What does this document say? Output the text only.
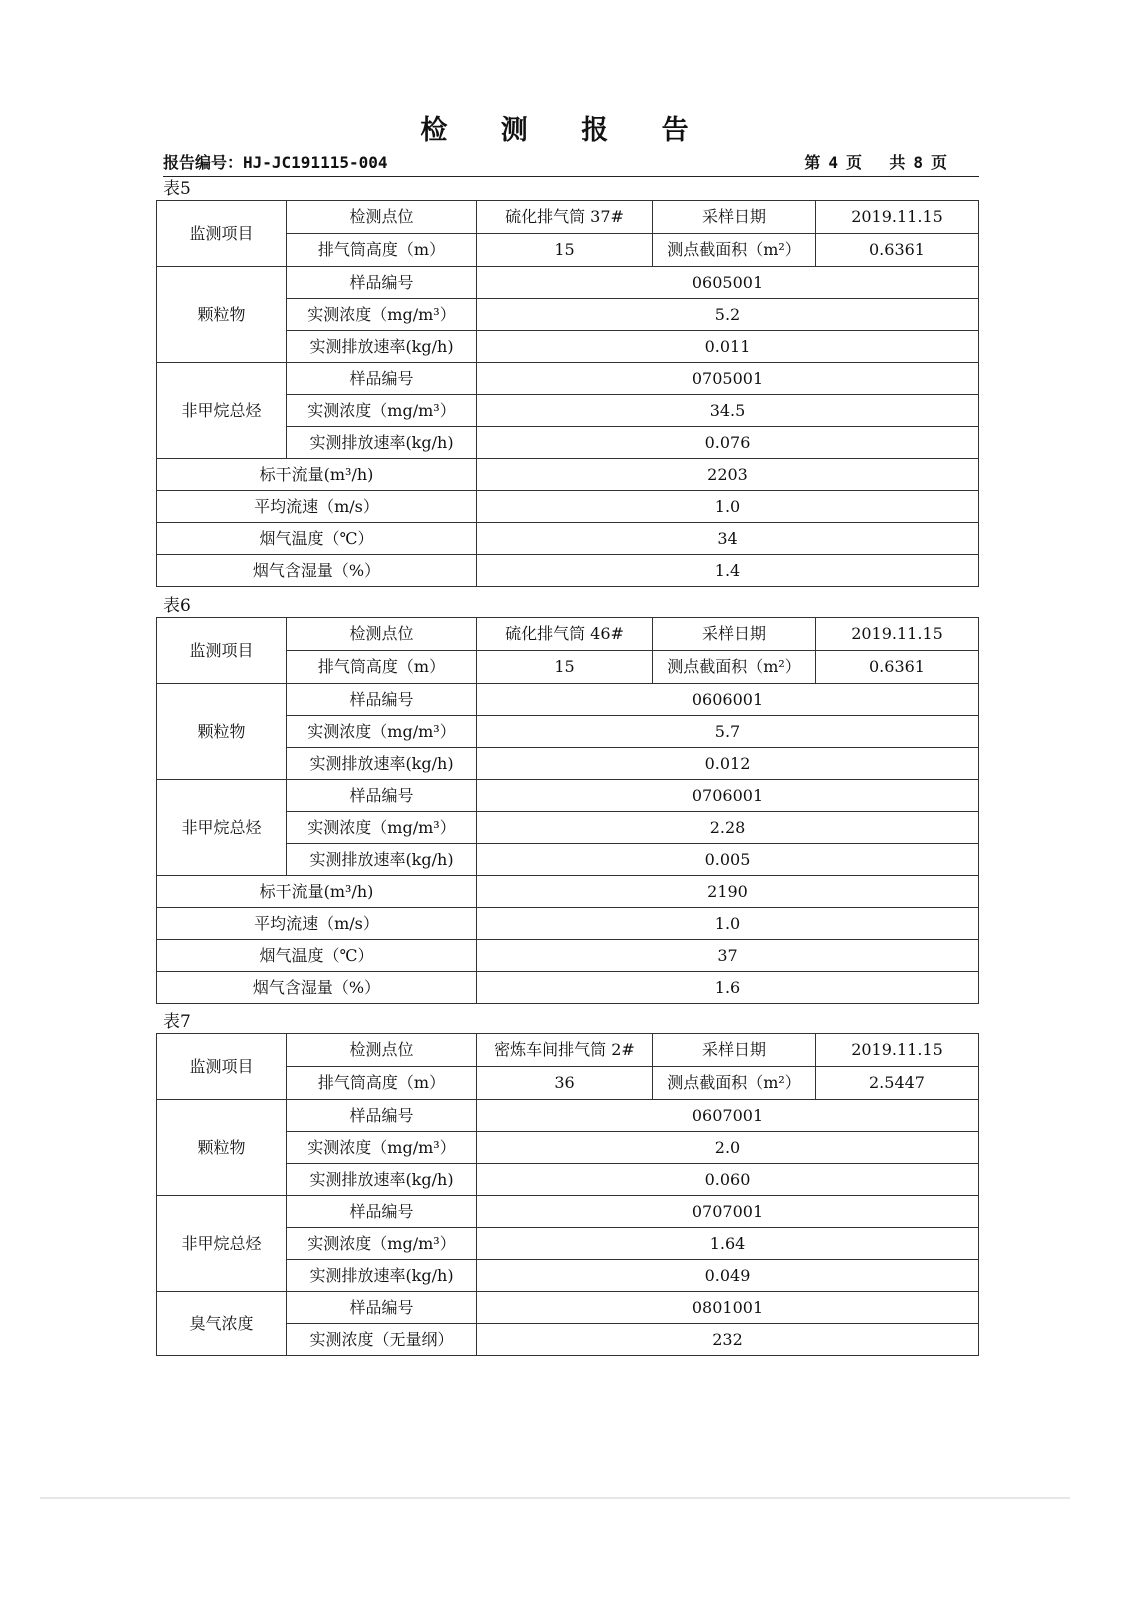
检 测 报 告
报告编号：HJ-JC191115-004	第 4 页 共 8 页
表5
监测项目	检测点位	硫化排气筒 37#	采样日期	2019.11.15
	排气筒高度（m）	15	测点截面积（m²）	0.6361
颗粒物	样品编号	0605001		
	实测浓度（mg/m³）	5.2		
	实测排放速率(kg/h)	0.011		
非甲烷总烃	样品编号	0705001		
	实测浓度（mg/m³）	34.5		
	实测排放速率(kg/h)	0.076		
标干流量(m³/h)		2203		
平均流速（m/s）		1.0		
烟气温度（℃）		34		
烟气含湿量（%）		1.4		
表6
监测项目	检测点位	硫化排气筒 46#	采样日期	2019.11.15
	排气筒高度（m）	15	测点截面积（m²）	0.6361
颗粒物	样品编号	0606001		
	实测浓度（mg/m³）	5.7		
	实测排放速率(kg/h)	0.012		
非甲烷总烃	样品编号	0706001		
	实测浓度（mg/m³）	2.28		
	实测排放速率(kg/h)	0.005		
标干流量(m³/h)		2190		
平均流速（m/s）		1.0		
烟气温度（℃）		37		
烟气含湿量（%）		1.6		
表7
监测项目	检测点位	密炼车间排气筒 2#	采样日期	2019.11.15
	排气筒高度（m）	36	测点截面积（m²）	2.5447
颗粒物	样品编号	0607001		
	实测浓度（mg/m³）	2.0		
	实测排放速率(kg/h)	0.060		
非甲烷总烃	样品编号	0707001		
	实测浓度（mg/m³）	1.64		
	实测排放速率(kg/h)	0.049		
臭气浓度	样品编号	0801001		
	实测浓度（无量纲）	232		
